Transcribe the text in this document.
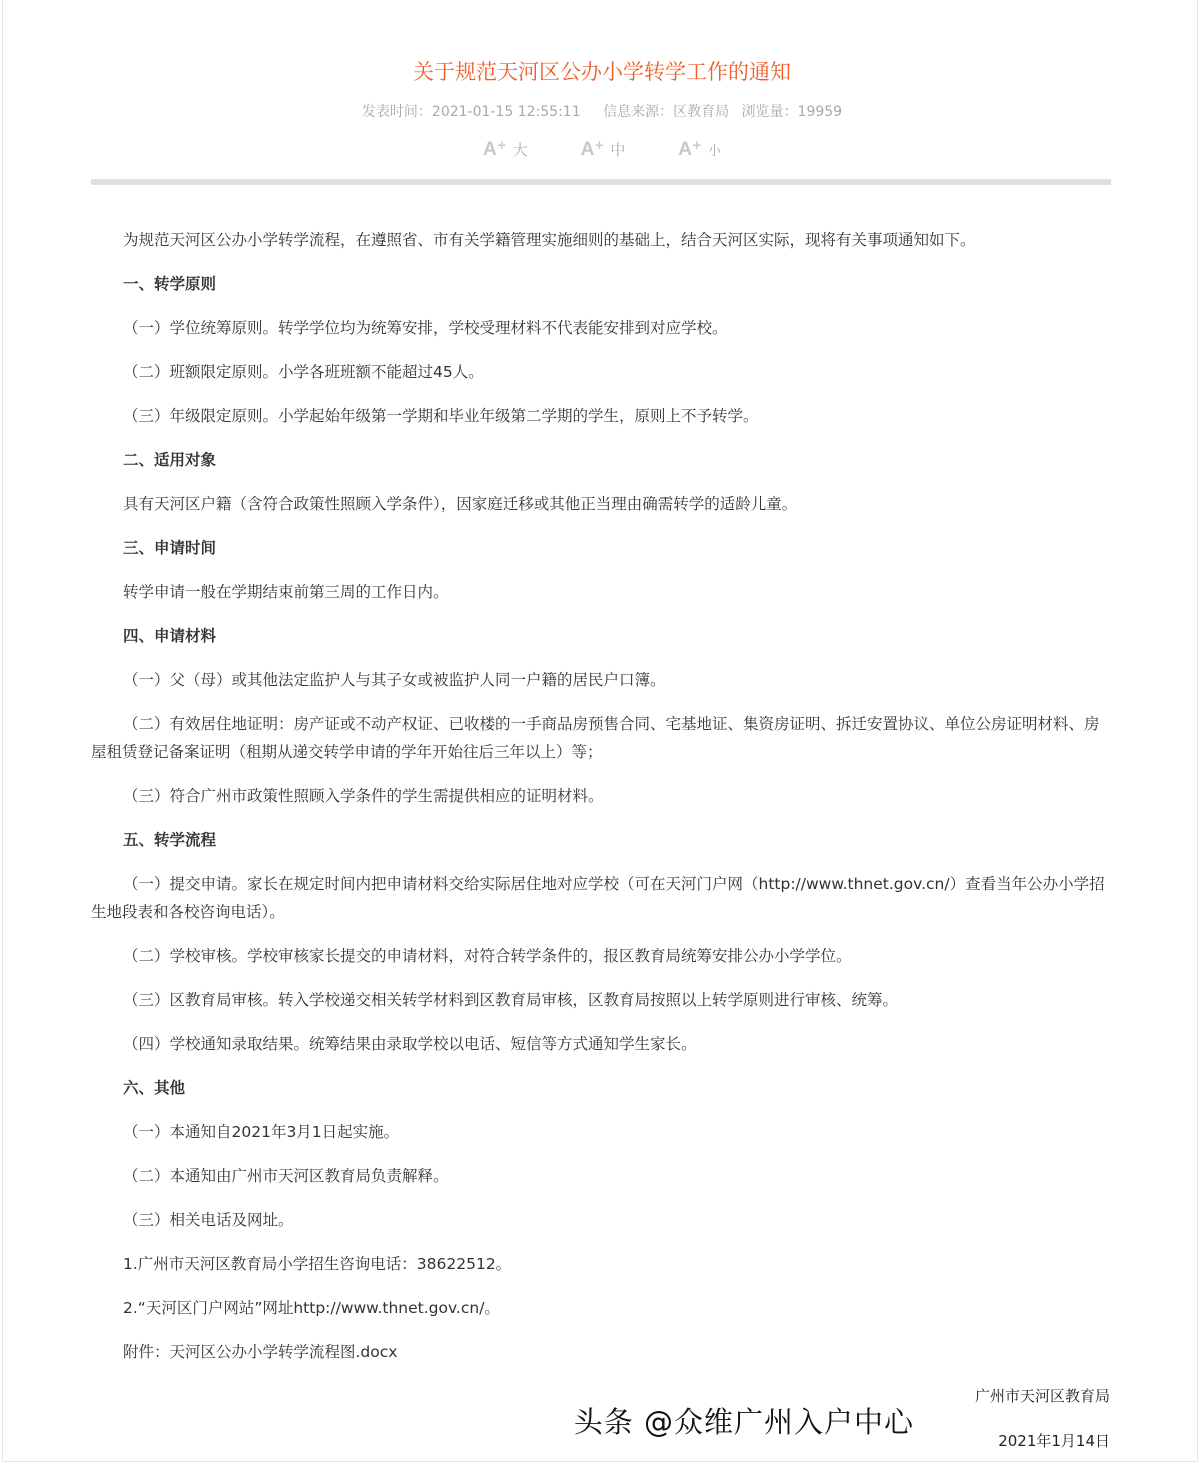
关于规范天河区公办小学转学工作的通知
发表时间：2021-01-15 12:55:11 信息来源：区教育局 浏览量：19959
A+ 大	A+ 中	A+ 小

为规范天河区公办小学转学流程，在遵照省、市有关学籍管理实施细则的基础上，结合天河区实际，现将有关事项通知如下。

一、转学原则

（一）学位统筹原则。转学学位均为统筹安排，学校受理材料不代表能安排到对应学校。

（二）班额限定原则。小学各班班额不能超过45人。

（三）年级限定原则。小学起始年级第一学期和毕业年级第二学期的学生，原则上不予转学。

二、适用对象

具有天河区户籍（含符合政策性照顾入学条件），因家庭迁移或其他正当理由确需转学的适龄儿童。

三、申请时间

转学申请一般在学期结束前第三周的工作日内。

四、申请材料

（一）父（母）或其他法定监护人与其子女或被监护人同一户籍的居民户口簿。

（二）有效居住地证明：房产证或不动产权证、已收楼的一手商品房预售合同、宅基地证、集资房证明、拆迁安置协议、单位公房证明材料、房屋租赁登记备案证明（租期从递交转学申请的学年开始往后三年以上）等；

（三）符合广州市政策性照顾入学条件的学生需提供相应的证明材料。

五、转学流程

（一）提交申请。家长在规定时间内把申请材料交给实际居住地对应学校（可在天河门户网（http://www.thnet.gov.cn/）查看当年公办小学招生地段表和各校咨询电话）。

（二）学校审核。学校审核家长提交的申请材料，对符合转学条件的，报区教育局统筹安排公办小学学位。

（三）区教育局审核。转入学校递交相关转学材料到区教育局审核，区教育局按照以上转学原则进行审核、统筹。

（四）学校通知录取结果。统筹结果由录取学校以电话、短信等方式通知学生家长。

六、其他

（一）本通知自2021年3月1日起实施。

（二）本通知由广州市天河区教育局负责解释。

（三）相关电话及网址。

1.广州市天河区教育局小学招生咨询电话：38622512。

2.“天河区门户网站”网址http://www.thnet.gov.cn/。

附件：天河区公办小学转学流程图.docx

广州市天河区教育局
头条 @众维广州入户中心
2021年1月14日
